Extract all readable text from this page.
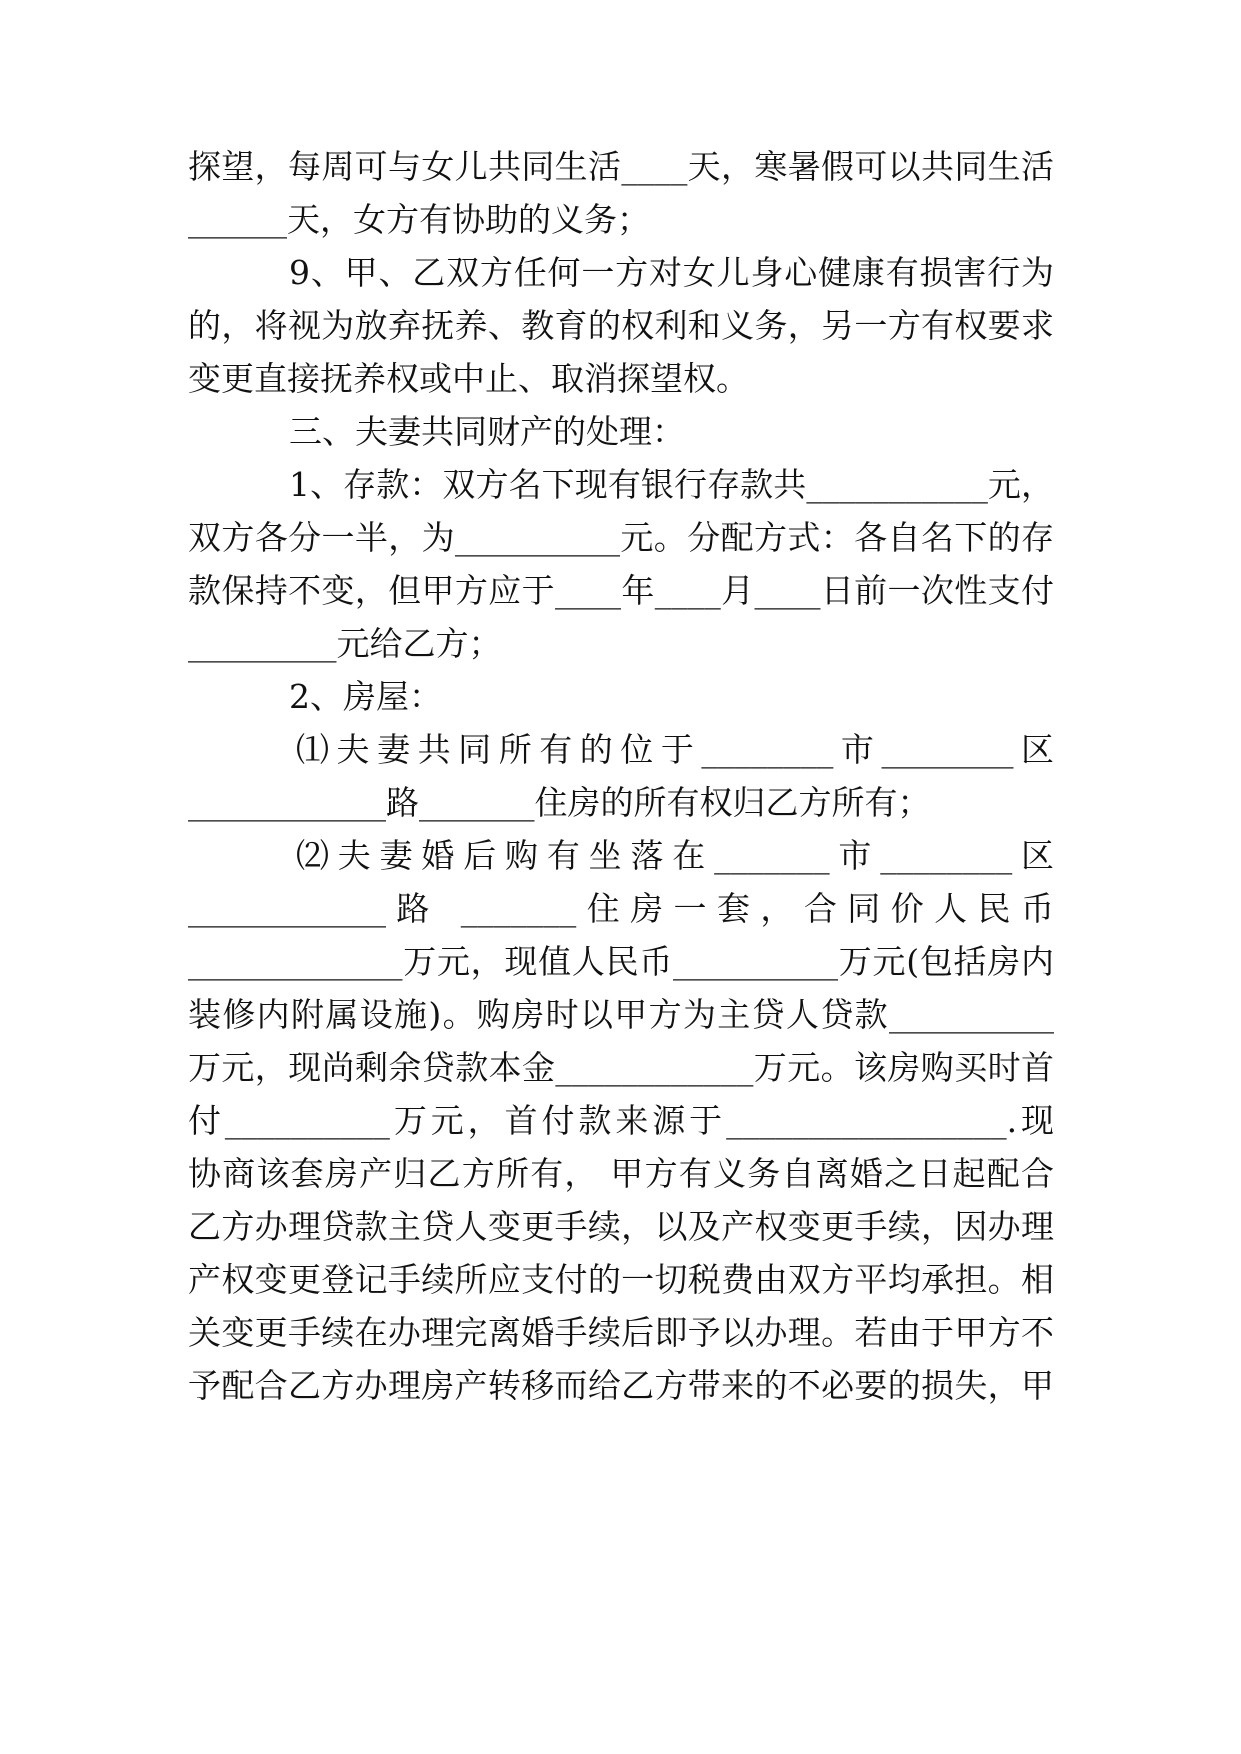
探望，每周可与女儿共同生活____天，寒暑假可以共同生活
______天，女方有协助的义务；
9、甲、乙双方任何一方对女儿身心健康有损害行为
的，将视为放弃抚养、教育的权利和义务，另一方有权要求
变更直接抚养权或中止、取消探望权。
三、夫妻共同财产的处理：
1、存款：双方名下现有银行存款共___________元，
双方各分一半，为__________元。分配方式：各自名下的存
款保持不变，但甲方应于____年____月____日前一次性支付
_________元给乙方；
2、房屋：
⑴夫妻共同所有的位于________市________区
____________路_______住房的所有权归乙方所有；
⑵夫妻婚后购有坐落在_______市________区
____________路 _______住房一套，合同价人民币
_____________万元，现值人民币__________万元(包括房内
装修内附属设施)。购房时以甲方为主贷人贷款__________
万元，现尚剩余贷款本金____________万元。该房购买时首
付__________万元，首付款来源于_________________.现
协商该套房产归乙方所有， 甲方有义务自离婚之日起配合
乙方办理贷款主贷人变更手续，以及产权变更手续，因办理
产权变更登记手续所应支付的一切税费由双方平均承担。相
关变更手续在办理完离婚手续后即予以办理。若由于甲方不
予配合乙方办理房产转移而给乙方带来的不必要的损失，甲
